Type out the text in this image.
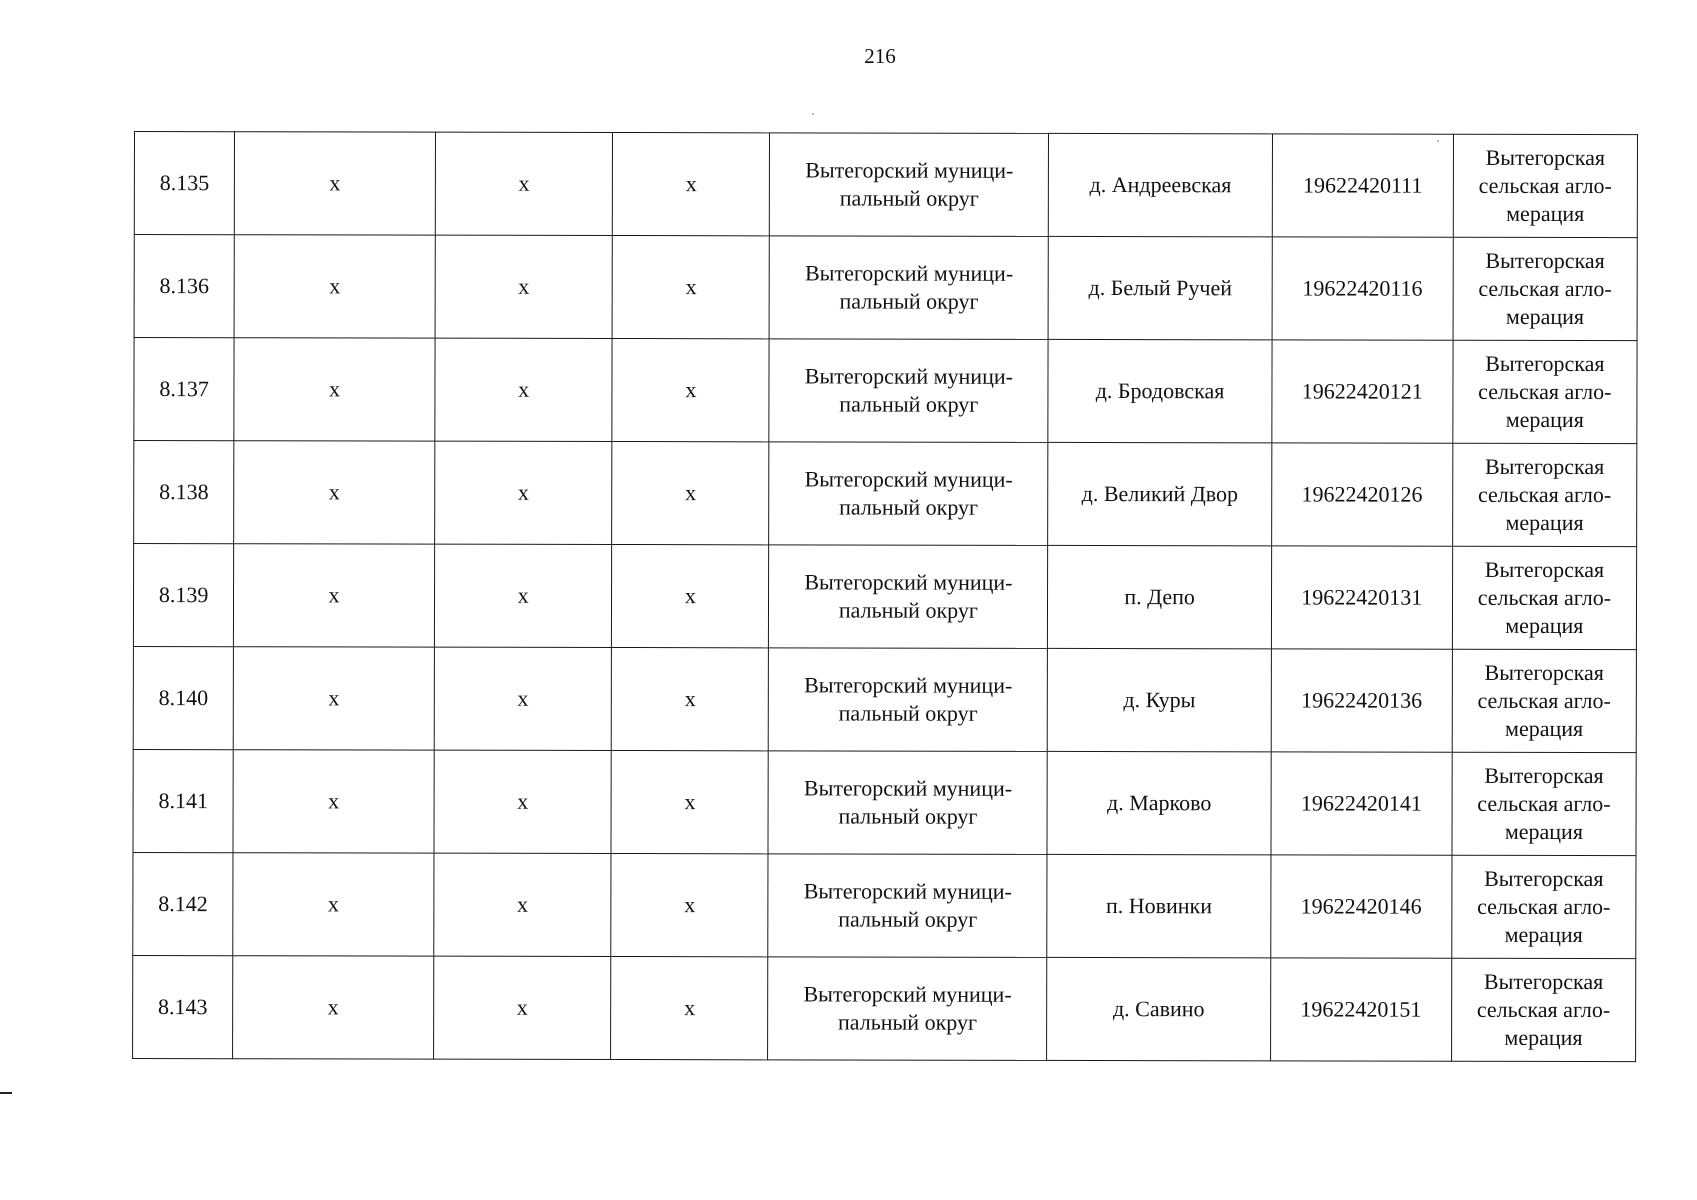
216
8.135	x	x	x	Вытегорский муници-пальный округ	д. Андреевская	19622420111	Вытегорская сельская агло-мерация
8.136	x	x	x	Вытегорский муници-пальный округ	д. Белый Ручей	19622420116	Вытегорская сельская агло-мерация
8.137	x	x	x	Вытегорский муници-пальный округ	д. Бродовская	19622420121	Вытегорская сельская агло-мерация
8.138	x	x	x	Вытегорский муници-пальный округ	д. Великий Двор	19622420126	Вытегорская сельская агло-мерация
8.139	x	x	x	Вытегорский муници-пальный округ	п. Депо	19622420131	Вытегорская сельская агло-мерация
8.140	x	x	x	Вытегорский муници-пальный округ	д. Куры	19622420136	Вытегорская сельская агло-мерация
8.141	x	x	x	Вытегорский муници-пальный округ	д. Марково	19622420141	Вытегорская сельская агло-мерация
8.142	x	x	x	Вытегорский муници-пальный округ	п. Новинки	19622420146	Вытегорская сельская агло-мерация
8.143	x	x	x	Вытегорский муници-пальный округ	д. Савино	19622420151	Вытегорская сельская агло-мерация
